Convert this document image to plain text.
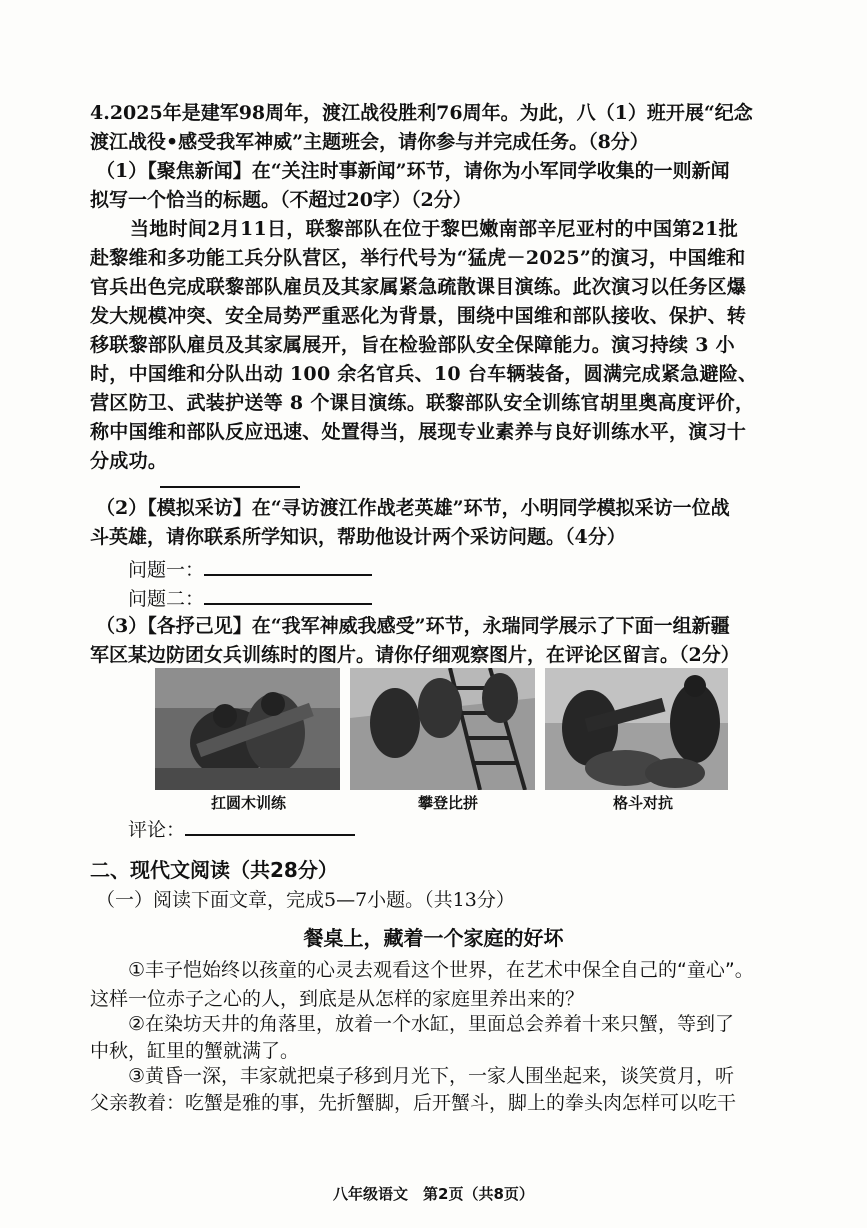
4.2025年是建军98周年，渡江战役胜利76周年。为此，八（1）班开展“纪念
渡江战役•感受我军神威”主题班会，请你参与并完成任务。（8分）
（1）【聚焦新闻】在“关注时事新闻”环节，请你为小军同学收集的一则新闻
拟写一个恰当的标题。（不超过20字）（2分）
当地时间2月11日，联黎部队在位于黎巴嫩南部辛尼亚村的中国第21批
赴黎维和多功能工兵分队营区，举行代号为“猛虎－2025”的演习，中国维和
官兵出色完成联黎部队雇员及其家属紧急疏散课目演练。此次演习以任务区爆
发大规模冲突、安全局势严重恶化为背景，围绕中国维和部队接收、保护、转
移联黎部队雇员及其家属展开，旨在检验部队安全保障能力。演习持续 3 小
时，中国维和分队出动 100 余名官兵、10 台车辆装备，圆满完成紧急避险、
营区防卫、武装护送等 8 个课目演练。联黎部队安全训练官胡里奥高度评价，
称中国维和部队反应迅速、处置得当，展现专业素养与良好训练水平，演习十
分成功。
（2）【模拟采访】在“寻访渡江作战老英雄”环节，小明同学模拟采访一位战
斗英雄，请你联系所学知识，帮助他设计两个采访问题。（4分）
问题一：
问题二：
（3）【各抒己见】在“我军神威我感受”环节，永瑞同学展示了下面一组新疆
军区某边防团女兵训练时的图片。请你仔细观察图片，在评论区留言。（2分）
扛圆木训练	攀登比拼	格斗对抗
评论：
二、现代文阅读（共28分）
（一）阅读下面文章，完成5—7小题。（共13分）
餐桌上，藏着一个家庭的好坏
①丰子恺始终以孩童的心灵去观看这个世界，在艺术中保全自己的“童心”。
这样一位赤子之心的人，到底是从怎样的家庭里养出来的？
②在染坊天井的角落里，放着一个水缸，里面总会养着十来只蟹，等到了
中秋，缸里的蟹就满了。
③黄昏一深，丰家就把桌子移到月光下，一家人围坐起来，谈笑赏月，听
父亲教着：吃蟹是雅的事，先折蟹脚，后开蟹斗，脚上的拳头肉怎样可以吃干
八年级语文　第2页（共8页）
